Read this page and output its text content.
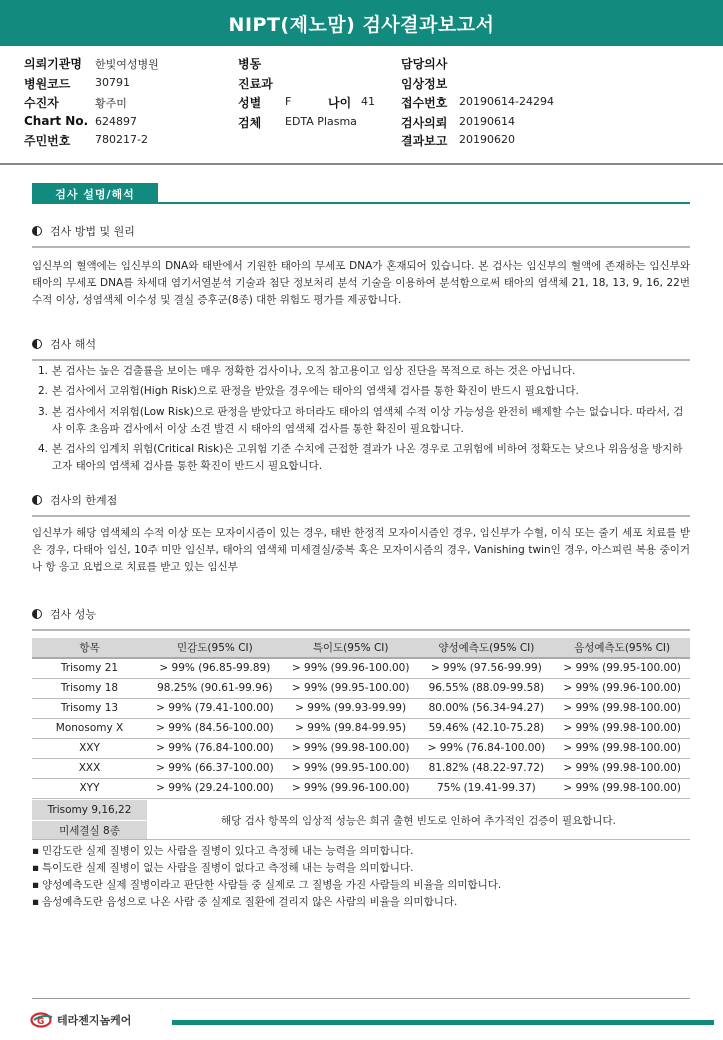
NIPT(제노맘) 검사결과보고서
의뢰기관명 한빛여성병원	병동	담당의사
병원코드 30791	진료과	임상정보
수진자	황주미	성별 F	나이 41 접수번호 20190614-24294
Chart No. 624897	검체 EDTA Plasma	검사의뢰 20190614
주민번호 780217-2	결과보고 20190620
검사 설명/해석
검사 방법 및 원리
임신부의 혈액에는 임신부의 DNA와 태반에서 기원한 태아의 무세포 DNA가 혼재되어 있습니다. 본 검사는 임신부의 혈액에 존재하는 임신부와 태아의 무세포 DNA를 차세대 염기서열분석 기술과 첨단 정보처리 분석 기술을 이용하여 분석함으로써 태아의 염색체 21, 18, 13, 9, 16, 22번 수적 이상, 성염색체 이수성 및 결실 증후군(8종) 대한 위험도 평가를 제공합니다.
검사 해석
1. 본 검사는 높은 검출률을 보이는 매우 정확한 검사이나, 오직 참고용이고 임상 진단을 목적으로 하는 것은 아닙니다.
2. 본 검사에서 고위험(High Risk)으로 판정을 받았을 경우에는 태아의 염색체 검사를 통한 확진이 반드시 필요합니다.
3. 본 검사에서 저위험(Low Risk)으로 판정을 받았다고 하더라도 태아의 염색체 수적 이상 가능성을 완전히 배제할 수는 없습니다. 따라서, 검사 이후 초음파 검사에서 이상 소견 발견 시 태아의 염색체 검사를 통한 확진이 필요합니다.
4. 본 검사의 임계치 위험(Critical Risk)은 고위험 기준 수치에 근접한 결과가 나온 경우로 고위험에 비하여 정확도는 낮으나 위음성을 방지하고자 태아의 염색체 검사를 통한 확진이 반드시 필요합니다.
검사의 한계점
임신부가 해당 염색체의 수적 이상 또는 모자이시즘이 있는 경우, 태반 한정적 모자이시즘인 경우, 임신부가 수혈, 이식 또는 줄기 세포 치료를 받은 경우, 다태아 임신, 10주 미만 임신부, 태아의 염색체 미세결실/중복 혹은 모자이시즘의 경우, Vanishing twin인 경우, 아스피린 복용 중이거나 항 응고 요법으로 치료를 받고 있는 임신부
검사 성능
항목	민감도(95% CI)	특이도(95% CI)	양성예측도(95% CI)	음성예측도(95% CI)
Trisomy 21	> 99% (96.85-99.89)	> 99% (99.96-100.00)	> 99% (97.56-99.99)	> 99% (99.95-100.00)
Trisomy 18	98.25% (90.61-99.96)	> 99% (99.95-100.00)	96.55% (88.09-99.58)	> 99% (99.96-100.00)
Trisomy 13	> 99% (79.41-100.00)	> 99% (99.93-99.99)	80.00% (56.34-94.27)	> 99% (99.98-100.00)
Monosomy X	> 99% (84.56-100.00)	> 99% (99.84-99.95)	59.46% (42.10-75.28)	> 99% (99.98-100.00)
XXY	> 99% (76.84-100.00)	> 99% (99.98-100.00)	> 99% (76.84-100.00)	> 99% (99.98-100.00)
XXX	> 99% (66.37-100.00)	> 99% (99.95-100.00)	81.82% (48.22-97.72)	> 99% (99.98-100.00)
XYY	> 99% (29.24-100.00)	> 99% (99.96-100.00)	75% (19.41-99.37)	> 99% (99.98-100.00)
Trisomy 9,16,22
미세결실 8종
해당 검사 항목의 임상적 성능은 희귀 출현 빈도로 인하여 추가적인 검증이 필요합니다.
▪ 민감도란 실제 질병이 있는 사람을 질병이 있다고 측정해 내는 능력을 의미합니다.
▪ 특이도란 실제 질병이 없는 사람을 질병이 없다고 측정해 내는 능력을 의미합니다.
▪ 양성예측도란 실제 질병이라고 판단한 사람들 중 실제로 그 질병을 가진 사람들의 비율을 의미합니다.
▪ 음성예측도란 음성으로 나온 사람 중 실제로 질환에 걸리지 않은 사람의 비율을 의미합니다.
G 테라젠지놈케어
